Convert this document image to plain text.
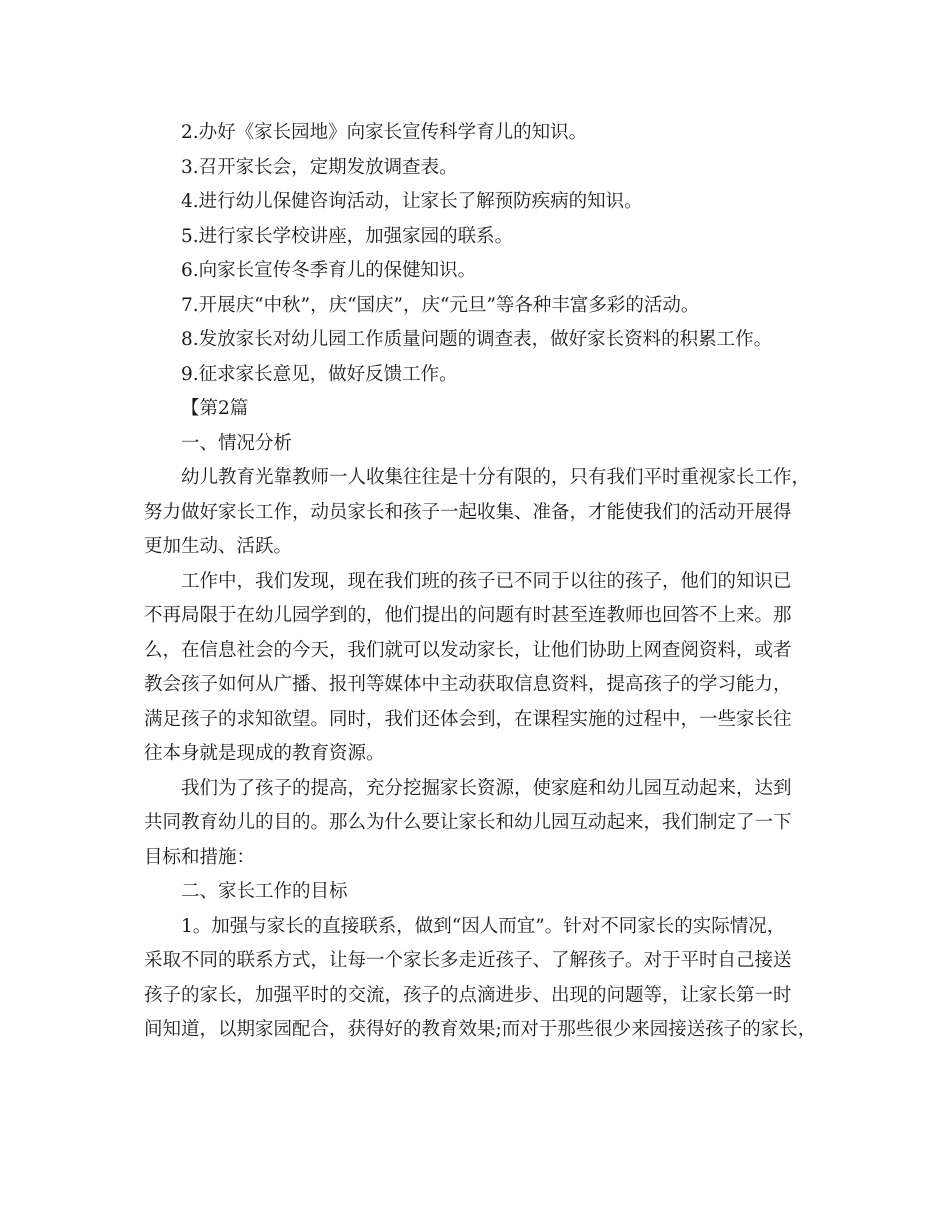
2.办好《家长园地》向家长宣传科学育儿的知识。
3.召开家长会，定期发放调查表。
4.进行幼儿保健咨询活动，让家长了解预防疾病的知识。
5.进行家长学校讲座，加强家园的联系。
6.向家长宣传冬季育儿的保健知识。
7.开展庆“中秋”，庆“国庆”，庆“元旦”等各种丰富多彩的活动。
8.发放家长对幼儿园工作质量问题的调查表，做好家长资料的积累工作。
9.征求家长意见，做好反馈工作。
【第2篇
一、情况分析
幼儿教育光靠教师一人收集往往是十分有限的，只有我们平时重视家长工作，
努力做好家长工作，动员家长和孩子一起收集、准备，才能使我们的活动开展得
更加生动、活跃。
工作中，我们发现，现在我们班的孩子已不同于以往的孩子，他们的知识已
不再局限于在幼儿园学到的，他们提出的问题有时甚至连教师也回答不上来。那
么，在信息社会的今天，我们就可以发动家长，让他们协助上网查阅资料，或者
教会孩子如何从广播、报刊等媒体中主动获取信息资料，提高孩子的学习能力，
满足孩子的求知欲望。同时，我们还体会到，在课程实施的过程中，一些家长往
往本身就是现成的教育资源。
我们为了孩子的提高，充分挖掘家长资源，使家庭和幼儿园互动起来，达到
共同教育幼儿的目的。那么为什么要让家长和幼儿园互动起来，我们制定了一下
目标和措施：
二、家长工作的目标
1。加强与家长的直接联系，做到“因人而宜”。针对不同家长的实际情况，
采取不同的联系方式，让每一个家长多走近孩子、了解孩子。对于平时自己接送
孩子的家长，加强平时的交流，孩子的点滴进步、出现的问题等，让家长第一时
间知道，以期家园配合，获得好的教育效果;而对于那些很少来园接送孩子的家长，
